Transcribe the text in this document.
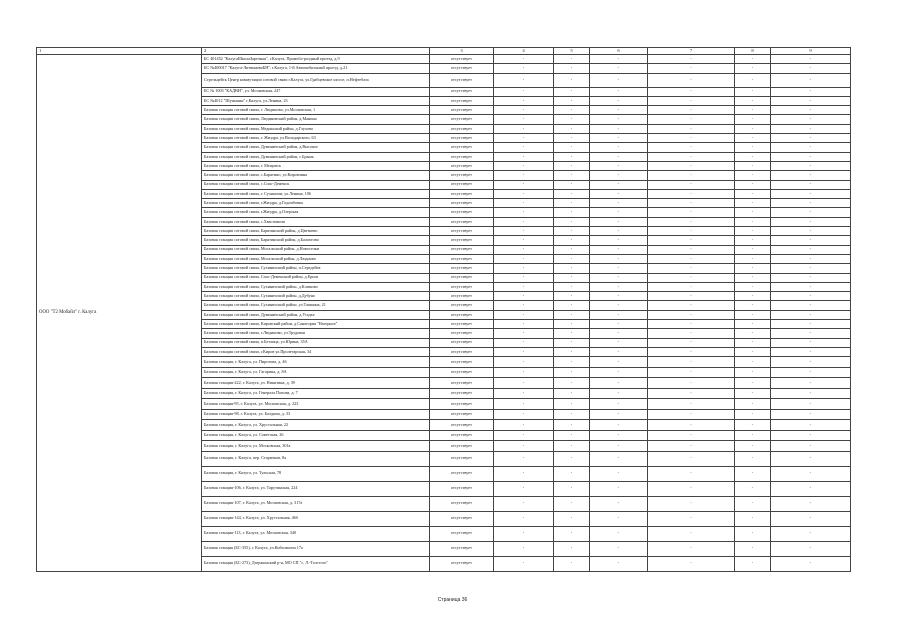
1	2	3	4	5	6	7	8	9
ООО "Т2 Мобайл" г. Калуга	БС 401452 "КалугаШколаЗаречная", г.Калуга, Промобл-роздный проезд, д.9	отсутствует	-	-	-	-	-	-
	БС №400017 "Калуга-ЛитвиновоБН", г.Калуга, 1-й Автомобильный проезд, д.21	отсутствует	-	-	-	-	-	-
	Стрельцейск Центр коммутации сотовой связи г.Калуга, ул.Грабцевское шоссе, п.Нефтебаза	отсутствует	-	-	-	-	-	-
	БС № 1003 "КАДВИ", ул. Московская, 247	отсутствует	-	-	-	-	-	-
	БС №4012 "Шуньшин" г.Калуга, ул.Ленина, 23	отсутствует	-	-	-	-	-	-
	Базовая станция сотовой связи, г. Людиново, ул.Московская, 1	отсутствует	-	-	-	-	-	-
	Базовая станция сотовой связи, Людиновский район, д.Манино	отсутствует	-	-	-	-	-	-
	Базовая станция сотовой связи, Медынский район, д.Глухово	отсутствует	-	-	-	-	-	-
	Базовая станция сотовой связи, г. Жиздра, ул.Володарского, 63	отсутствует	-	-	-	-	-	-
	Базовая станция сотовой связи, Думиничский район, д.Высокое	отсутствует	-	-	-	-	-	-
	Базовая станция сотовой связи, Думиничский район, с.Брынь	отсутствует	-	-	-	-	-	-
	Базовая станция сотовой связи, г. Мещовск	отсутствует	-	-	-	-	-	-
	Базовая станция сотовой связи, с.Барятино, ул.Кировлина	отсутствует	-	-	-	-	-	-
	Базовая станция сотовой связи, с.Спас-Деменск	отсутствует	-	-	-	-	-	-
	Базовая станция сотовой связи, г. Сухиничи, ул.Ленина, 106	отсутствует	-	-	-	-	-	-
	Базовая станция сотовой связи, г.Жиздра, д.Годомбовка	отсутствует	-	-	-	-	-	-
	Базовая станция сотовой связи, г.Жиздра, д.Озерская	отсутствует	-	-	-	-	-	-
	Базовая станция сотовой связи, с.Хвастовичи	отсутствует	-	-	-	-	-	-
	Базовая станция сотовой связи, Барятинский район, д.Цветнево	отсутствует	-	-	-	-	-	-
	Базовая станция сотовой связи, Барятинский район, д.Балахтово	отсутствует	-	-	-	-	-	-
	Базовая станция сотовой связи, Мосальский район, д.Новоселки	отсутствует	-	-	-	-	-	-
	Базовая станция сотовой связи, Мосальский район, д.Людново	отсутствует	-	-	-	-	-	-
	Базовая станция сотовой связи, Сухиничский район, п.Середейск	отсутствует	-	-	-	-	-	-
	Базовая станция сотовой связи, Спас-Деменский район, д.Ерши	отсутствует	-	-	-	-	-	-
	Базовая станция сотовой связи, Сухиничский район, д.Климово	отсутствует	-	-	-	-	-	-
	Базовая станция сотовой связи, Сухиничский район, д.Дубуно	отсутствует	-	-	-	-	-	-
	Базовая станция сотовой связи, Сухиничский район, ул.Ташкина, 21	отсутствует	-	-	-	-	-	-
	Базовая станция сотовой связи, Думиничский район, д.Усадье	отсутствует	-	-	-	-	-	-
	Базовая станция сотовой связи, Кировский район, д.Санатория "Нагорное"	отсутствует	-	-	-	-	-	-
	Базовая станция сотовой связи, г.Людиново, ул.Трудовая	отсутствует	-	-	-	-	-	-
	Базовая станция сотовой связи, п.Бетлица, ул.Юрина, 35А	отсутствует	-	-	-	-	-	-
	Базовая станция сотовой связи, г.Киров ул.Пролетарская, 34	отсутствует	-	-	-	-	-	-
	Базовая станция, г. Калуга, ул. Пиротова, д. 46	отсутствует	-	-	-	-	-	-
	Базовая станция, г. Калуга, ул. Гагарина, д. 8А	отсутствует	-	-	-	-	-	-
	Базовая станция-222, г. Калуга, ул. Никитина, д. 39	отсутствует	-	-	-	-	-	-
	Базовая станция, г. Калуга, ул. Генерала Попова, д. 7	отсутствует	-	-	-	-	-	-
	Базовая станция-95, г. Калуга, ул. Московская, д. 223	отсутствует	-	-	-	-	-	-
	Базовая станция-98, г. Калуга, ул. Болдина, д. 33	отсутствует	-	-	-	-	-	-
	Базовая станция, г. Калуга, ул. Хрустальная, 22	отсутствует	-	-	-	-	-	-
	Базовая станция, г. Калуга, ул. Советская, 26	отсутствует	-	-	-	-	-	-
	Базовая станция, г. Калуга, ул. Московская, 301а	отсутствует	-	-	-	-	-	-
	Базовая станция, г. Калуга, пер. Старичков, 8а	отсутствует	-	-	-	-	-	-
	Базовая станция, г. Калуга, ул. Тульская, 78	отсутствует	-	-	-	-	-	-
	Базовая станция-106, г. Калуга, ул. Тарутинская, 224	отсутствует	-	-	-	-	-	-
	Базовая станция-107, г. Калуга, ул. Московская, д. 317а	отсутствует	-	-	-	-	-	-
	Базовая станция-144, г. Калуга, ул. Хрустальная, 46б	отсутствует	-	-	-	-	-	-
	Базовая станция-113, г. Калуга, ул. Московская, 340	отсутствует	-	-	-	-	-	-
	Базовая станция (БС-355), г. Калуга, ул.Кибальчича 17а	отсутствует	-	-	-	-	-	-
	Базовая станция (БС-273), Дзержинский р-н, МО СП "с. Л.-Толстого"	отсутствует	-	-	-	-	-	-
Страница 36
